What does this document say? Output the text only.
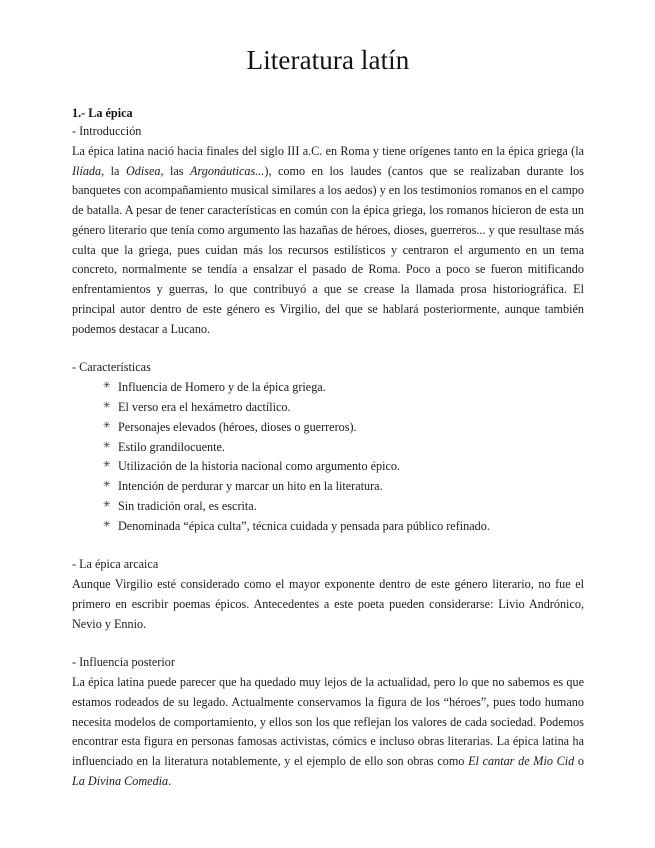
Literatura latín
1.- La épica

- Introducción

La épica latina nació hacia finales del siglo III a.C. en Roma y tiene orígenes tanto en la épica griega (la Ilíada, la Odisea, las Argonáuticas...), como en los laudes (cantos que se realizaban durante los banquetes con acompañamiento musical similares a los aedos) y en los testimonios romanos en el campo de batalla. A pesar de tener características en común con la épica griega, los romanos hicieron de esta un género literario que tenía como argumento las hazañas de héroes, dioses, guerreros... y que resultase más culta que la griega, pues cuidan más los recursos estilísticos y centraron el argumento en un tema concreto, normalmente se tendía a ensalzar el pasado de Roma. Poco a poco se fueron mitificando enfrentamientos y guerras, lo que contribuyó a que se crease la llamada prosa historiográfica. El principal autor dentro de este género es Virgilio, del que se hablará posteriormente, aunque también podemos destacar a Lucano.

- Características

✳ Influencia de Homero y de la épica griega.
✳ El verso era el hexámetro dactílico.
✳ Personajes elevados (héroes, dioses o guerreros).
✳ Estilo grandilocuente.
✳ Utilización de la historia nacional como argumento épico.
✳ Intención de perdurar y marcar un hito en la literatura.
✳ Sin tradición oral, es escrita.
✳ Denominada “épica culta”, técnica cuidada y pensada para público refinado.

- La épica arcaica

Aunque Virgilio esté considerado como el mayor exponente dentro de este género literario, no fue el primero en escribir poemas épicos. Antecedentes a este poeta pueden considerarse: Livio Andrónico, Nevio y Ennio.

- Influencia posterior

La épica latina puede parecer que ha quedado muy lejos de la actualidad, pero lo que no sabemos es que estamos rodeados de su legado. Actualmente conservamos la figura de los “héroes”, pues todo humano necesita modelos de comportamiento, y ellos son los que reflejan los valores de cada sociedad. Podemos encontrar esta figura en personas famosas activistas, cómics e incluso obras literarias. La épica latina ha influenciado en la literatura notablemente, y el ejemplo de ello son obras como El cantar de Mio Cid o La Divina Comedia.
